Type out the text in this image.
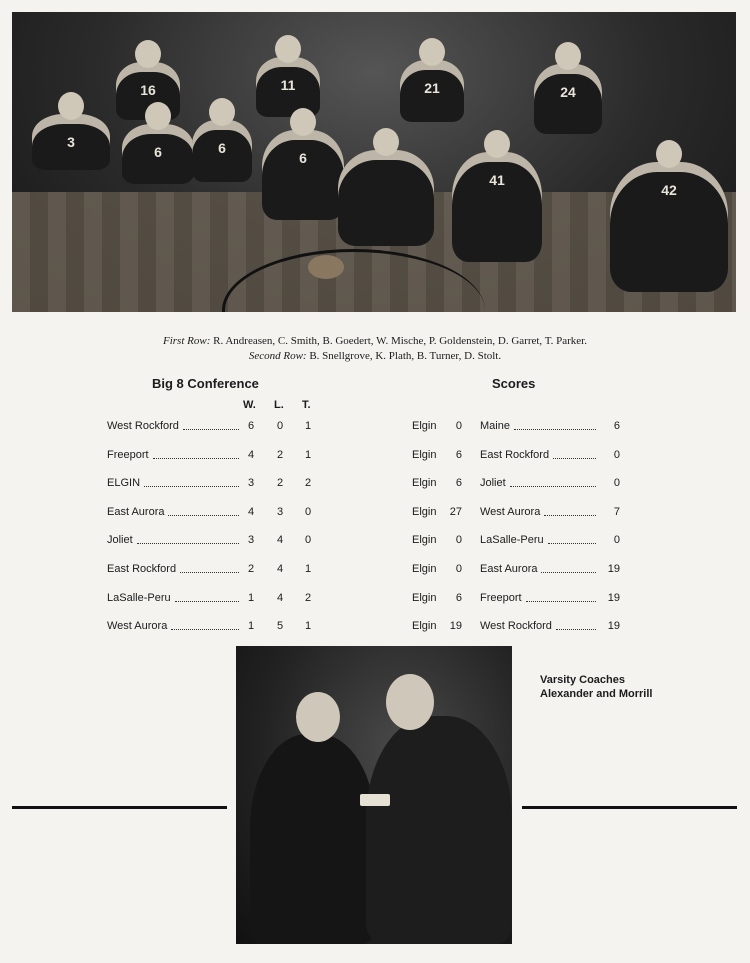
16	11	21	24
3
6	6
6
41
42
First Row: R. Andreasen, C. Smith, B. Goedert, W. Mische, P. Goldenstein, D. Garret, T. Parker.
Second Row: B. Snellgrove, K. Plath, B. Turner, D. Stolt.
Big 8 Conference	Scores
W. L. T.
West Rockford	6 0 1
Freeport	4 2 1
ELGIN	3 2 2
East Aurora	4 3 0
Joliet	3 4 0
East Rockford	2 4 1
LaSalle-Peru	1 4 2
West Aurora	1 5 1
Elgin	0 Maine	6
Elgin	6 East Rockford	0
Elgin	6 Joliet	0
Elgin	27 West Aurora	7
Elgin	0 LaSalle-Peru	0
Elgin	0 East Aurora	19
Elgin	6 Freeport	19
Elgin	19 West Rockford	19
Varsity Coaches
Alexander and Morrill
